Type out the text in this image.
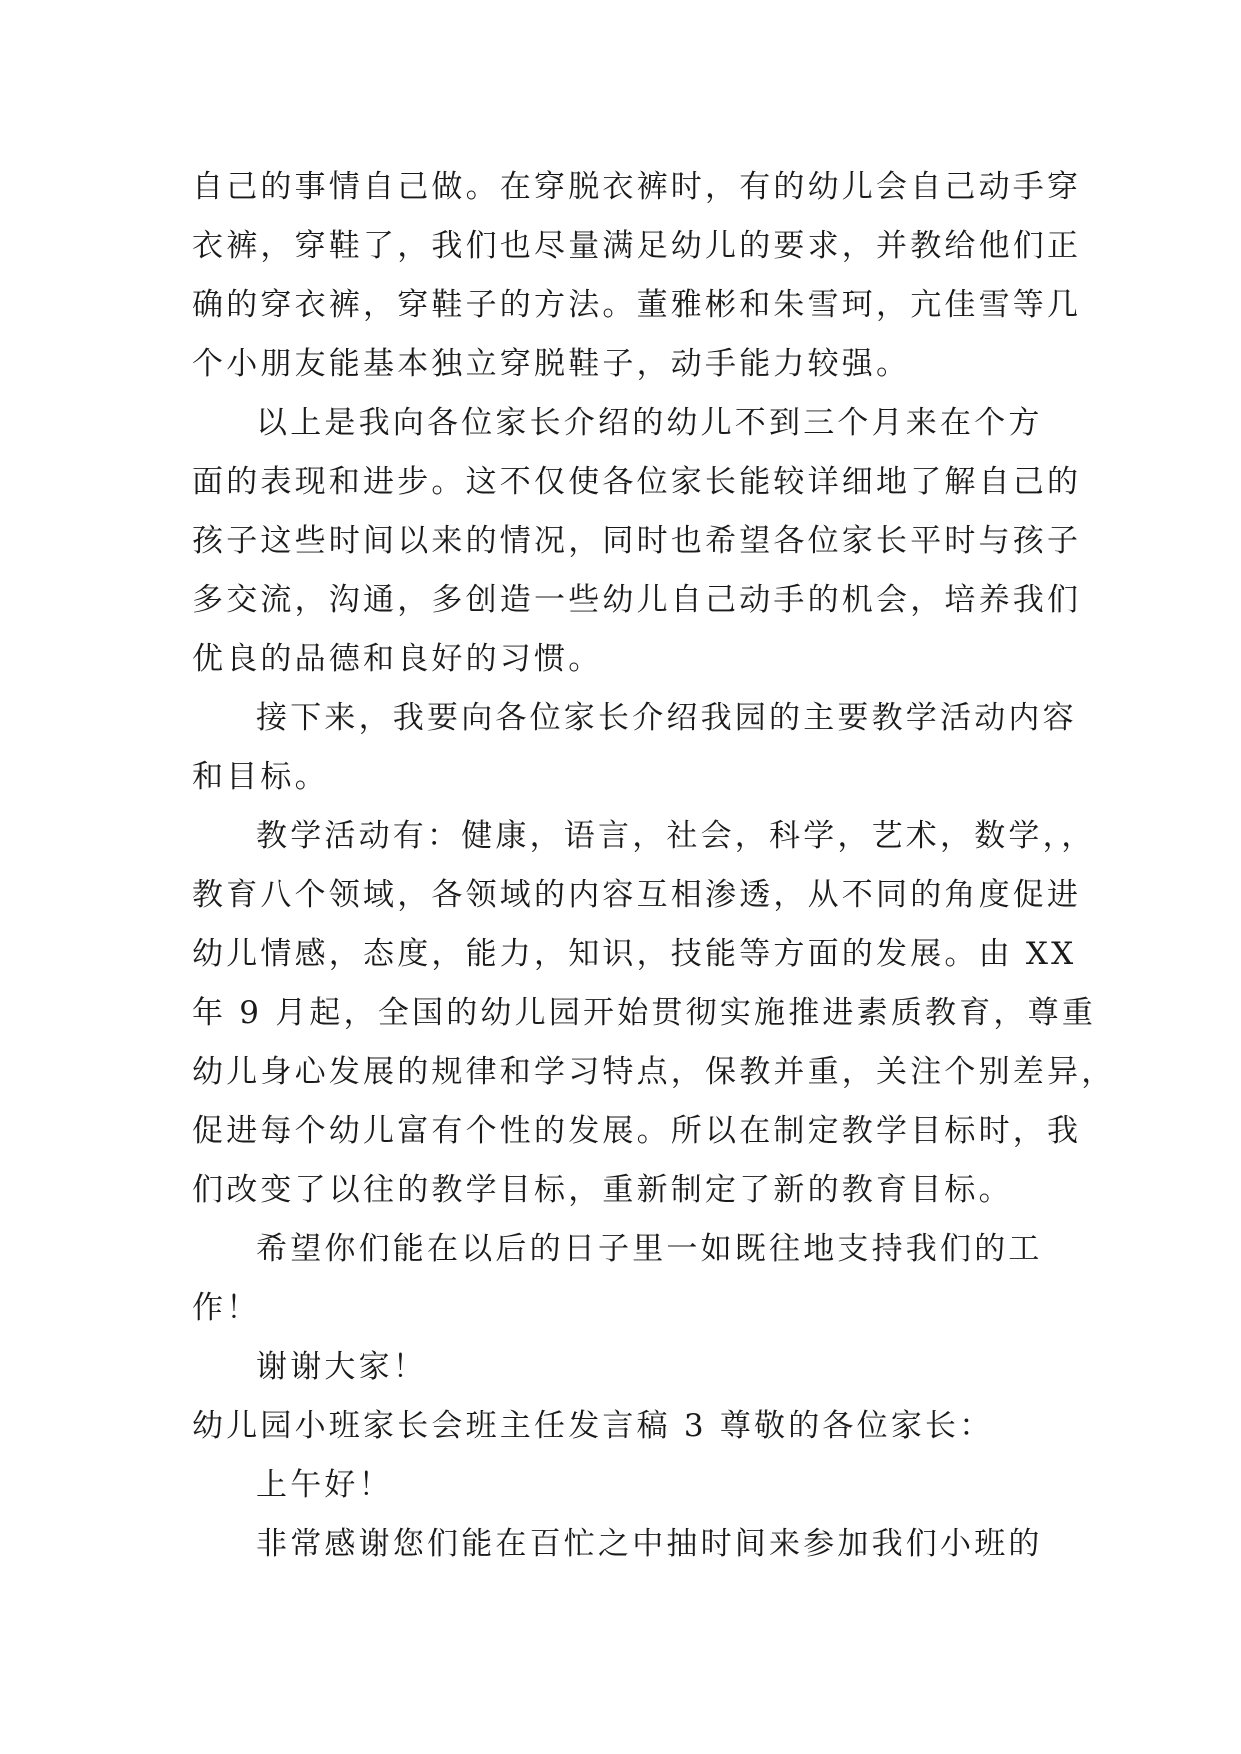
自己的事情自己做。在穿脱衣裤时，有的幼儿会自己动手穿
衣裤，穿鞋了，我们也尽量满足幼儿的要求，并教给他们正
确的穿衣裤，穿鞋子的方法。董雅彬和朱雪珂，亢佳雪等几
个小朋友能基本独立穿脱鞋子，动手能力较强。
以上是我向各位家长介绍的幼儿不到三个月来在个方
面的表现和进步。这不仅使各位家长能较详细地了解自己的
孩子这些时间以来的情况，同时也希望各位家长平时与孩子
多交流，沟通，多创造一些幼儿自己动手的机会，培养我们
优良的品德和良好的习惯。
接下来，我要向各位家长介绍我园的主要教学活动内容
和目标。
教学活动有：健康，语言，社会，科学，艺术，数学，，
教育八个领域，各领域的内容互相渗透，从不同的角度促进
幼儿情感，态度，能力，知识，技能等方面的发展。由 XX
年 9 月起，全国的幼儿园开始贯彻实施推进素质教育，尊重
幼儿身心发展的规律和学习特点，保教并重，关注个别差异，
促进每个幼儿富有个性的发展。所以在制定教学目标时，我
们改变了以往的教学目标，重新制定了新的教育目标。
希望你们能在以后的日子里一如既往地支持我们的工
作！
谢谢大家！
幼儿园小班家长会班主任发言稿 3 尊敬的各位家长：
上午好！
非常感谢您们能在百忙之中抽时间来参加我们小班的
